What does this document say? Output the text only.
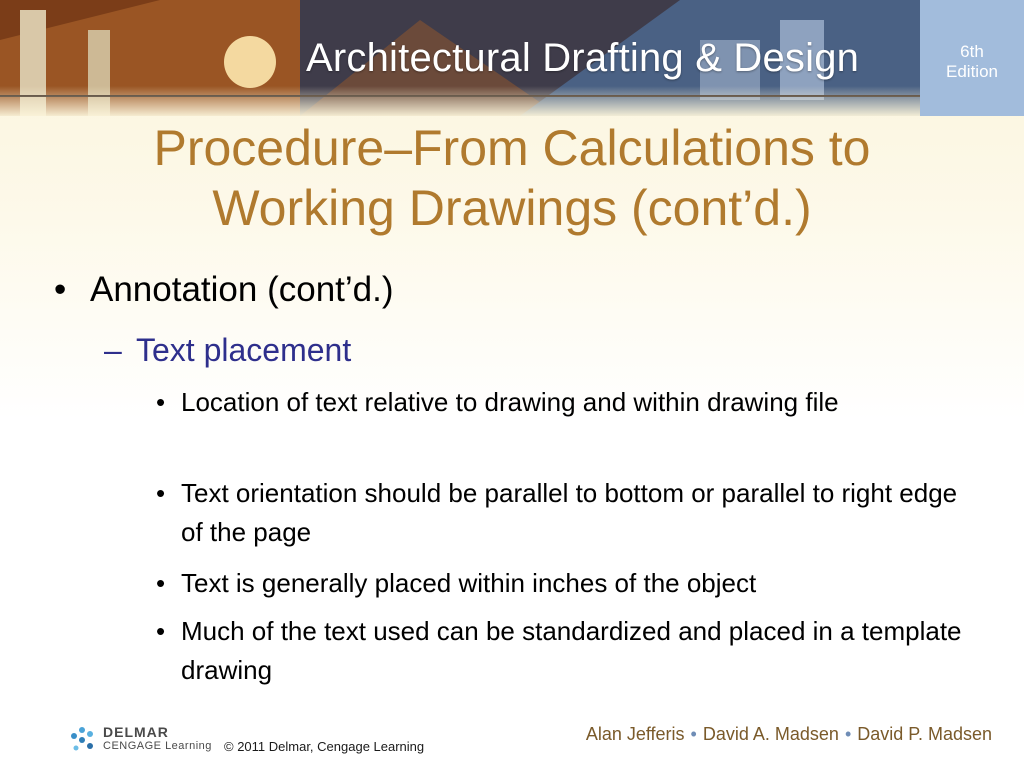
Architectural Drafting & Design	6th
Edition
Procedure–From Calculations to
Working Drawings (cont’d.)
• Annotation (cont’d.)
– Text placement
• Location of text relative to drawing and within drawing file
• Text orientation should be parallel to bottom or parallel to right edge of the page
• Text is generally placed within inches of the object
• Much of the text used can be standardized and placed in a template drawing
DELMAR
CENGAGE Learning © 2011 Delmar, Cengage Learning
Alan Jefferis • David A. Madsen • David P. Madsen
